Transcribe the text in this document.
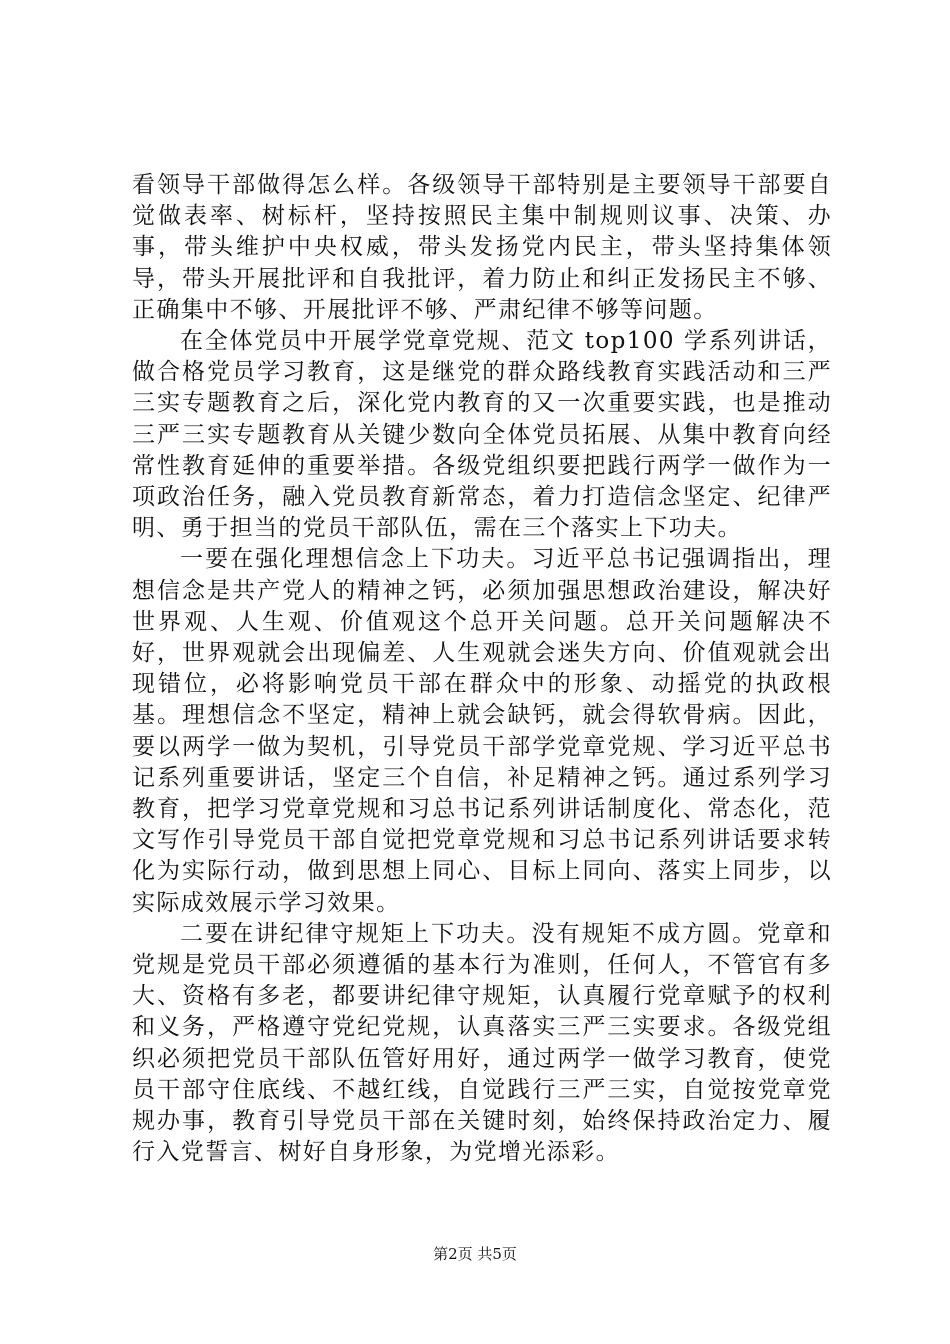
看领导干部做得怎么样。各级领导干部特别是主要领导干部要自觉做表率、树标杆，坚持按照民主集中制规则议事、决策、办事，带头维护中央权威，带头发扬党内民主，带头坚持集体领导，带头开展批评和自我批评，着力防止和纠正发扬民主不够、正确集中不够、开展批评不够、严肃纪律不够等问题。

在全体党员中开展学党章党规、范文 top100 学系列讲话，做合格党员学习教育，这是继党的群众路线教育实践活动和三严三实专题教育之后，深化党内教育的又一次重要实践，也是推动三严三实专题教育从关键少数向全体党员拓展、从集中教育向经常性教育延伸的重要举措。各级党组织要把践行两学一做作为一项政治任务，融入党员教育新常态，着力打造信念坚定、纪律严明、勇于担当的党员干部队伍，需在三个落实上下功夫。

一要在强化理想信念上下功夫。习近平总书记强调指出，理想信念是共产党人的精神之钙，必须加强思想政治建设，解决好世界观、人生观、价值观这个总开关问题。总开关问题解决不好，世界观就会出现偏差、人生观就会迷失方向、价值观就会出现错位，必将影响党员干部在群众中的形象、动摇党的执政根基。理想信念不坚定，精神上就会缺钙，就会得软骨病。因此，要以两学一做为契机，引导党员干部学党章党规、学习近平总书记系列重要讲话，坚定三个自信，补足精神之钙。通过系列学习教育，把学习党章党规和习总书记系列讲话制度化、常态化，范文写作引导党员干部自觉把党章党规和习总书记系列讲话要求转化为实际行动，做到思想上同心、目标上同向、落实上同步，以实际成效展示学习效果。

二要在讲纪律守规矩上下功夫。没有规矩不成方圆。党章和党规是党员干部必须遵循的基本行为准则，任何人，不管官有多大、资格有多老，都要讲纪律守规矩，认真履行党章赋予的权利和义务，严格遵守党纪党规，认真落实三严三实要求。各级党组织必须把党员干部队伍管好用好，通过两学一做学习教育，使党员干部守住底线、不越红线，自觉践行三严三实，自觉按党章党规办事，教育引导党员干部在关键时刻，始终保持政治定力、履行入党誓言、树好自身形象，为党增光添彩。

第2页 共5页
